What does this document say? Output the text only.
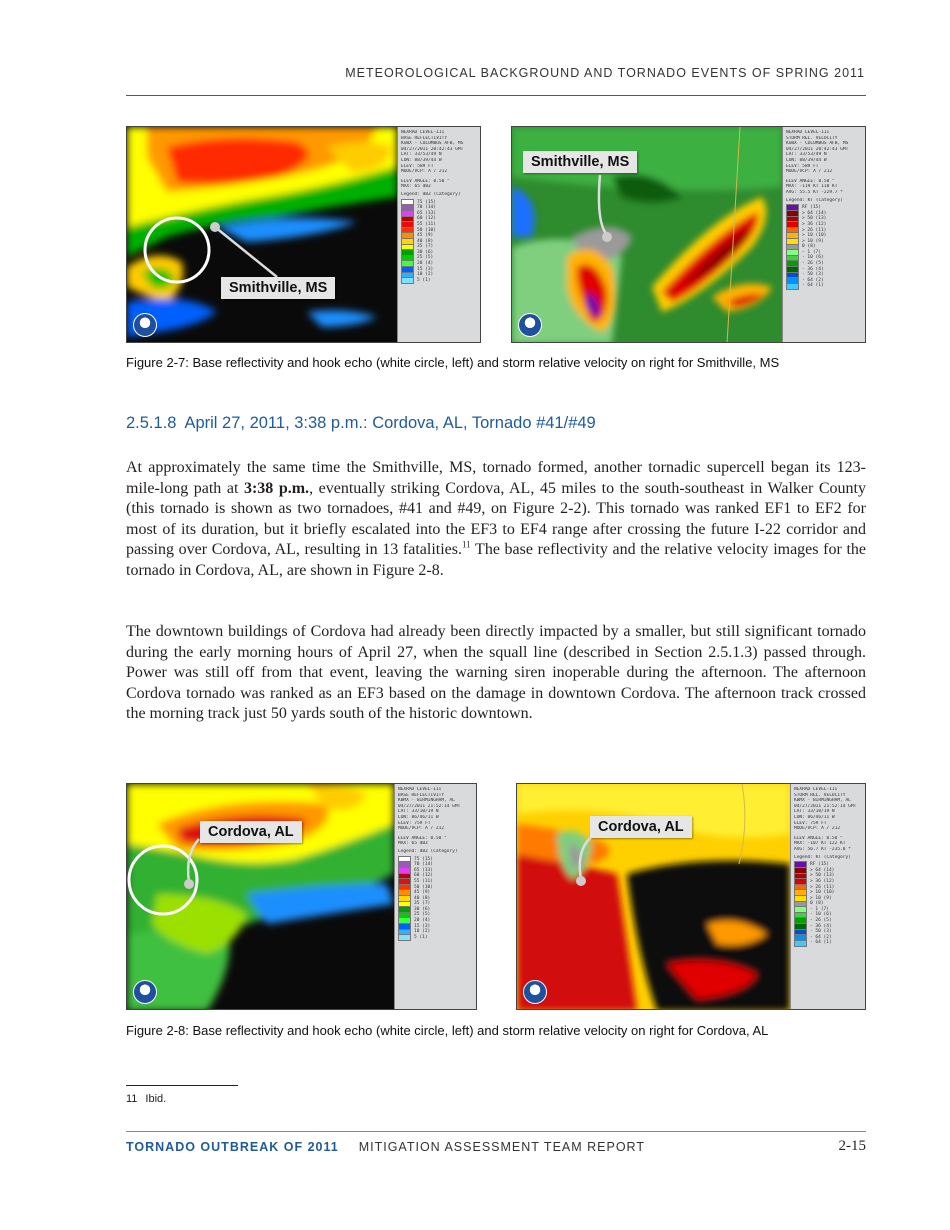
METEOROLOGICAL BACKGROUND AND TORNADO EVENTS OF SPRING 2011
Smithville, MS
NEXRAD LEVEL-III
BASE REFLECTIVITY
KGWX - COLUMBUS AFB, MS
04/27/2011 20:42:43 GMT
LAT: 33/53/49 N
LON: 88/39/44 W
ELEV: 589 FT
MODE/VCP: A / 212
ELEV ANGLE: 0.50 °
MAX: 65 dBZ
Legend: dBZ (Category)
75 (15)
70 (14)
65 (13)
60 (12)
55 (11)
50 (10)
45 (9)
40 (8)
35 (7)
30 (6)
25 (5)
20 (4)
15 (3)
10 (2)
5 (1)
Smithville, MS
NEXRAD LEVEL-III
STORM REL. VELOCITY
KGWX - COLUMBUS AFB, MS
04/27/2011 20:42:43 GMT
LAT: 33/53/49 N
LON: 88/39/44 W
ELEV: 589 FT
MODE/VCP: A / 212
ELEV ANGLE: 0.50 °
MAX: -119 KT 110 KT
AVG: 55.5 KT -229.7 *
Legend: KT (Category)
RF (15)
> 64 (14)
> 50 (13)
> 36 (12)
> 26 (11)
> 10 (10)
> 10 (9)
0 (8)
- 1 (7)
- 10 (6)
- 26 (5)
- 36 (4)
- 50 (3)
- 64 (2)
- 64 (1)
Figure 2-7: Base reflectivity and hook echo (white circle, left) and storm relative velocity on right for Smithville, MS
2.5.1.8 April 27, 2011, 3:38 p.m.: Cordova, AL, Tornado #41/#49

At approximately the same time the Smithville, MS, tornado formed, another tornadic supercell began its 123-mile-long path at 3:38 p.m., eventually striking Cordova, AL, 45 miles to the south-southeast in Walker County (this tornado is shown as two tornadoes, #41 and #49, on Figure 2-2). This tornado was ranked EF1 to EF2 for most of its duration, but it briefly escalated into the EF3 to EF4 range after crossing the future I-22 corridor and passing over Cordova, AL, resulting in 13 fatalities.$^{11}$ The base reflectivity and the relative velocity images for the tornado in Cordova, AL, are shown in Figure 2-8.

The downtown buildings of Cordova had already been directly impacted by a smaller, but still significant tornado during the early morning hours of April 27, when the squall line (described in Section 2.5.1.3) passed through. Power was still off from that event, leaving the warning siren inoperable during the afternoon. The afternoon Cordova tornado was ranked as an EF3 based on the damage in downtown Cordova. The afternoon track crossed the morning track just 50 yards south of the historic downtown.

Cordova, AL
NEXRAD LEVEL-III
BASE REFLECTIVITY
KBMX - BIRMINGHAM, AL
04/27/2011 21:52:14 GMT
LAT: 33/10/19 N
LON: 86/46/11 W
ELEV: 759 FT
MODE/VCP: A / 212
ELEV ANGLE: 0.50 °
MAX: 65 dBZ
Legend: dBZ (Category)
75 (15)
70 (14)
65 (13)
60 (12)
55 (11)
50 (10)
45 (9)
40 (8)
35 (7)
30 (6)
25 (5)
20 (4)
15 (3)
10 (2)
5 (1)
Cordova, AL
NEXRAD LEVEL-III
STORM REL. VELOCITY
KBMX - BIRMINGHAM, AL
04/27/2011 21:52:14 GMT
LAT: 33/10/19 N
LON: 86/46/11 W
ELEV: 759 FT
MODE/VCP: A / 212
ELEV ANGLE: 0.50 °
MAX: -107 KT 122 KT
AVG: 56.7 KT -235.8 *
Legend: KT (Category)
RF (15)
> 64 (14)
> 50 (13)
> 36 (12)
> 26 (11)
> 10 (10)
> 10 (9)
0 (8)
- 1 (7)
- 10 (6)
- 26 (5)
- 36 (4)
- 50 (3)
- 64 (2)
- 64 (1)
Figure 2-8: Base reflectivity and hook echo (white circle, left) and storm relative velocity on right for Cordova, AL
11 Ibid.
TORNADO OUTBREAK OF 2011 MITIGATION ASSESSMENT TEAM REPORT	2-15
